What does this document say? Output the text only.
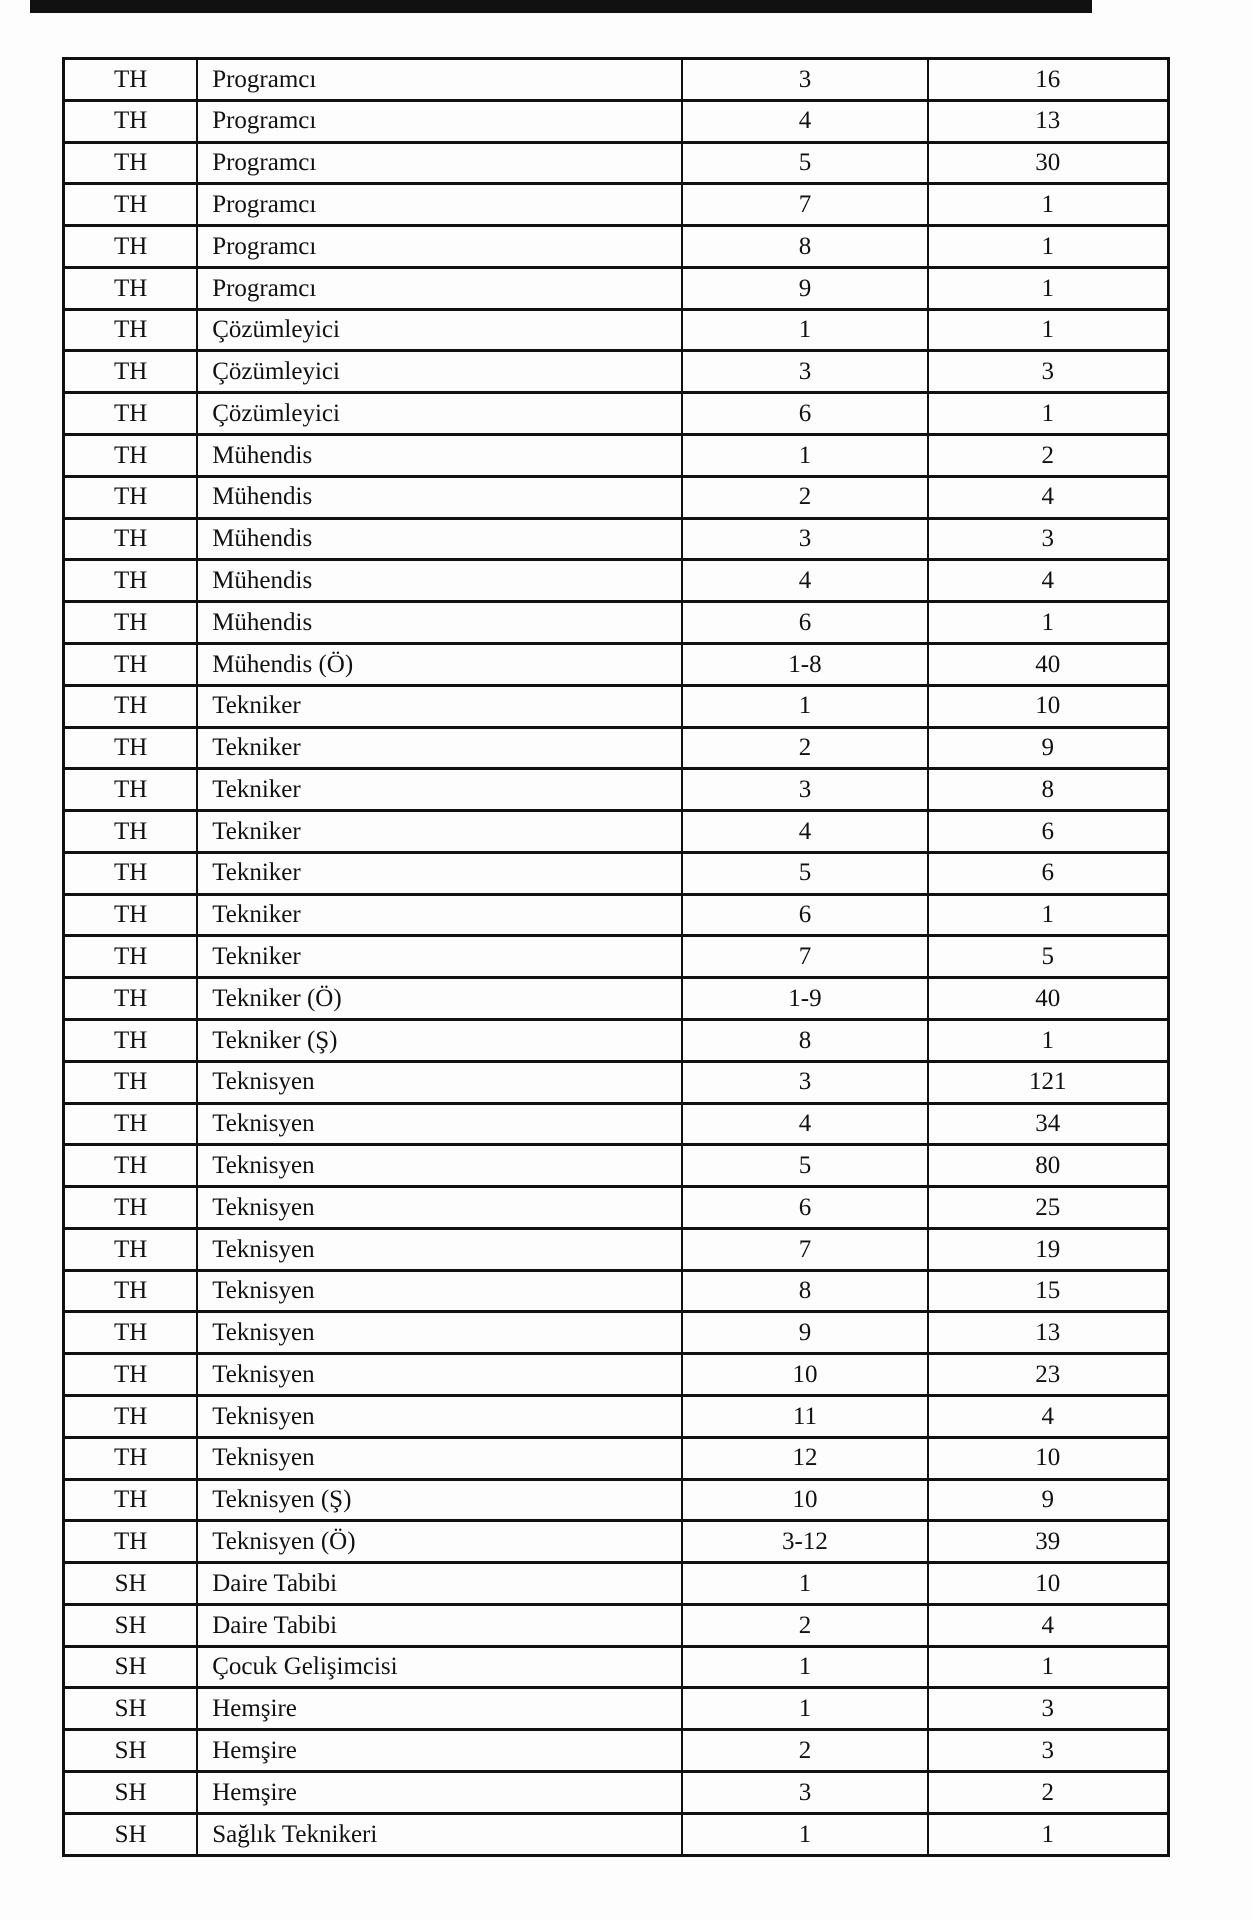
TH	Programcı	3	16
TH	Programcı	4	13
TH	Programcı	5	30
TH	Programcı	7	1
TH	Programcı	8	1
TH	Programcı	9	1
TH	Çözümleyici	1	1
TH	Çözümleyici	3	3
TH	Çözümleyici	6	1
TH	Mühendis	1	2
TH	Mühendis	2	4
TH	Mühendis	3	3
TH	Mühendis	4	4
TH	Mühendis	6	1
TH	Mühendis (Ö)	1-8	40
TH	Tekniker	1	10
TH	Tekniker	2	9
TH	Tekniker	3	8
TH	Tekniker	4	6
TH	Tekniker	5	6
TH	Tekniker	6	1
TH	Tekniker	7	5
TH	Tekniker (Ö)	1-9	40
TH	Tekniker (Ş)	8	1
TH	Teknisyen	3	121
TH	Teknisyen	4	34
TH	Teknisyen	5	80
TH	Teknisyen	6	25
TH	Teknisyen	7	19
TH	Teknisyen	8	15
TH	Teknisyen	9	13
TH	Teknisyen	10	23
TH	Teknisyen	11	4
TH	Teknisyen	12	10
TH	Teknisyen (Ş)	10	9
TH	Teknisyen (Ö)	3-12	39
SH	Daire Tabibi	1	10
SH	Daire Tabibi	2	4
SH	Çocuk Gelişimcisi	1	1
SH	Hemşire	1	3
SH	Hemşire	2	3
SH	Hemşire	3	2
SH	Sağlık Teknikeri	1	1
